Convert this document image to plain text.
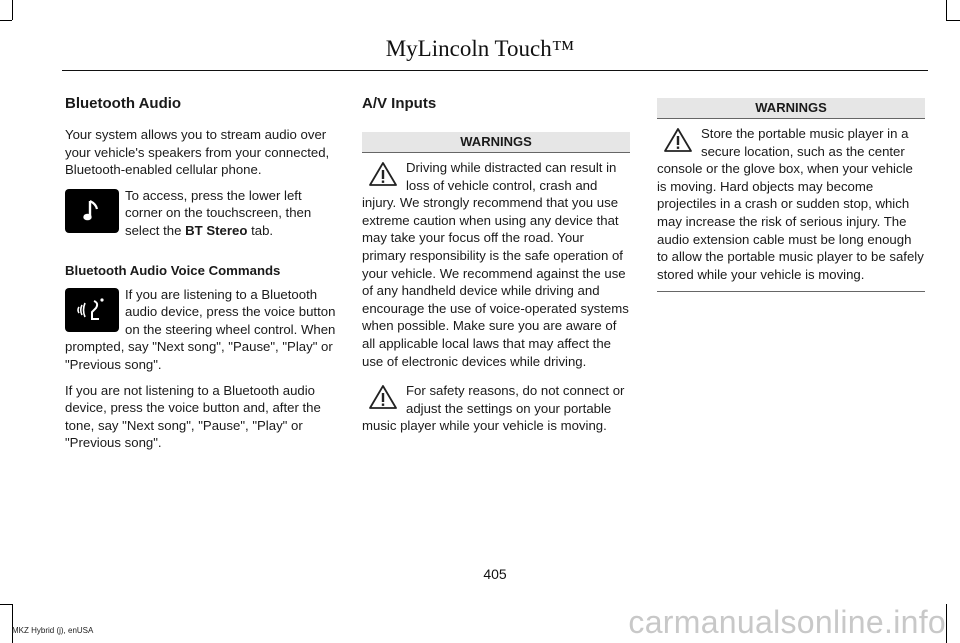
MyLincoln Touch™
Bluetooth Audio

Your system allows you to stream audio over your vehicle's speakers from your connected, Bluetooth-enabled cellular phone.

To access, press the lower left corner on the touchscreen, then select the BT Stereo tab.

Bluetooth Audio Voice Commands

If you are listening to a Bluetooth audio device, press the voice button on the steering wheel control. When prompted, say "Next song", "Pause", "Play" or "Previous song".

If you are not listening to a Bluetooth audio device, press the voice button and, after the tone, say "Next song", "Pause", "Play" or "Previous song".

A/V Inputs
WARNINGS
Driving while distracted can result in loss of vehicle control, crash and injury. We strongly recommend that you use extreme caution when using any device that may take your focus off the road. Your primary responsibility is the safe operation of your vehicle. We recommend against the use of any handheld device while driving and encourage the use of voice-operated systems when possible. Make sure you are aware of all applicable local laws that may affect the use of electronic devices while driving.
For safety reasons, do not connect or adjust the settings on your portable music player while your vehicle is moving.
WARNINGS
Store the portable music player in a secure location, such as the center console or the glove box, when your vehicle is moving. Hard objects may become projectiles in a crash or sudden stop, which may increase the risk of serious injury. The audio extension cable must be long enough to allow the portable music player to be safely stored while your vehicle is moving.
405
MKZ Hybrid (j), enUSA	carmanualsonline.info
